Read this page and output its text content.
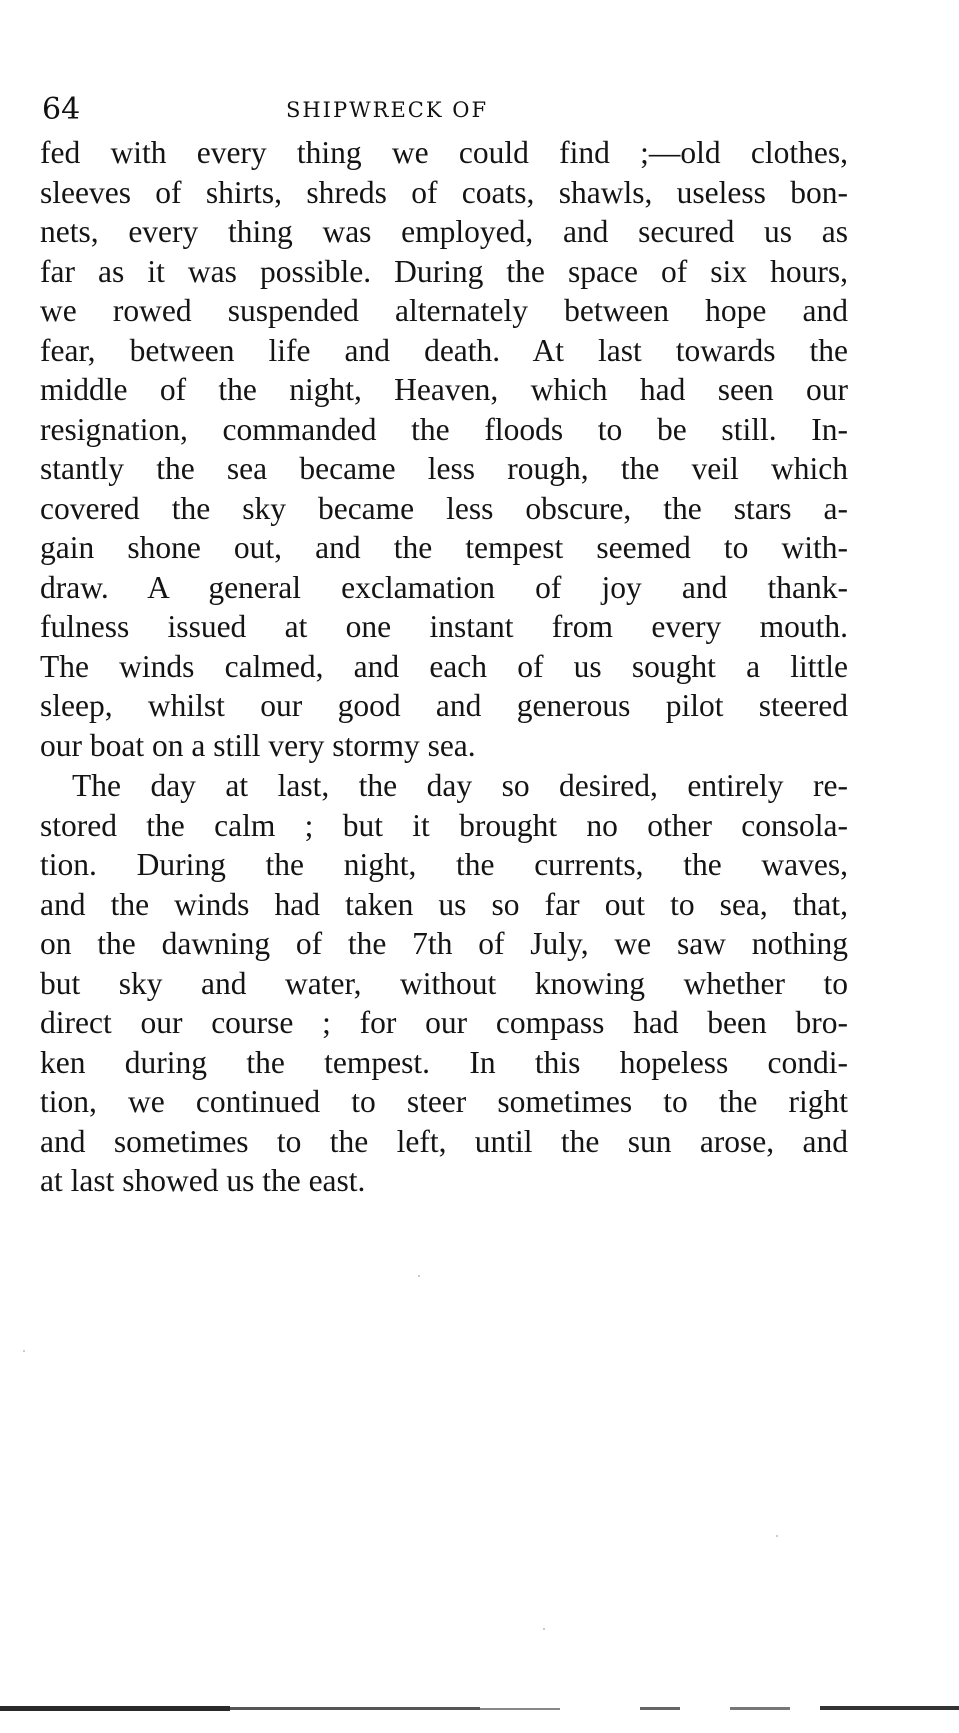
64	SHIPWRECK OF
fed with every thing we could find ;—old clothes,
sleeves of shirts, shreds of coats, shawls, useless bon-
nets, every thing was employed, and secured us as
far as it was possible. During the space of six hours,
we rowed suspended alternately between hope and
fear, between life and death. At last towards the
middle of the night, Heaven, which had seen our
resignation, commanded the floods to be still. In-
stantly the sea became less rough, the veil which
covered the sky became less obscure, the stars a-
gain shone out, and the tempest seemed to with-
draw. A general exclamation of joy and thank-
fulness issued at one instant from every mouth.
The winds calmed, and each of us sought a little
sleep, whilst our good and generous pilot steered
our boat on a still very stormy sea.
The day at last, the day so desired, entirely re-
stored the calm ; but it brought no other consola-
tion. During the night, the currents, the waves,
and the winds had taken us so far out to sea, that,
on the dawning of the 7th of July, we saw nothing
but sky and water, without knowing whether to
direct our course ; for our compass had been bro-
ken during the tempest. In this hopeless condi-
tion, we continued to steer sometimes to the right
and sometimes to the left, until the sun arose, and
at last showed us the east.
